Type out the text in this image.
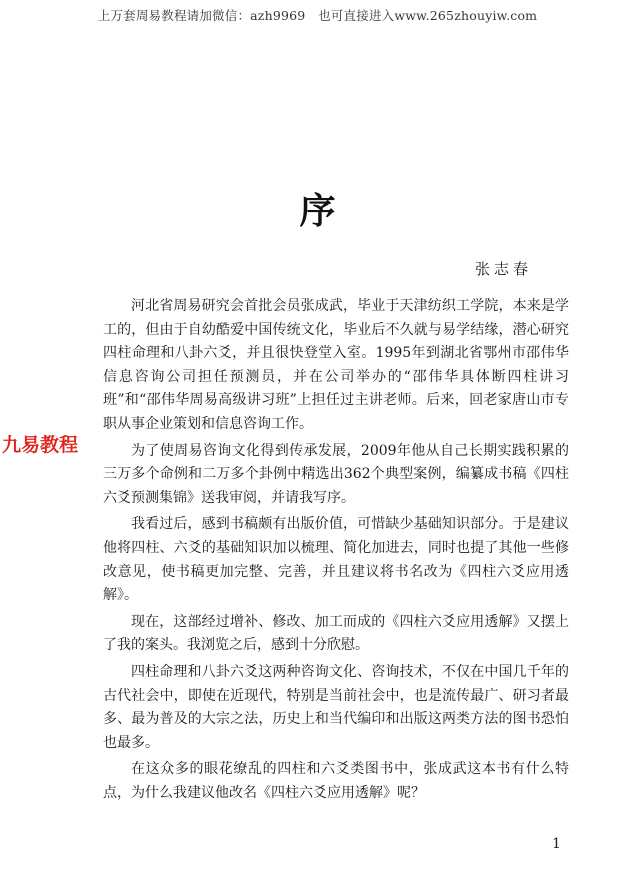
上万套周易教程请加微信：azh9969　也可直接进入www.265zhouyiw.com
序
张志春
九易教程

河北省周易研究会首批会员张成武，毕业于天津纺织工学院，本来是学工的，但由于自幼酷爱中国传统文化，毕业后不久就与易学结缘，潜心研究四柱命理和八卦六爻，并且很快登堂入室。1995年到湖北省鄂州市邵伟华信息咨询公司担任预测员，并在公司举办的“邵伟华具体断四柱讲习班”和“邵伟华周易高级讲习班”上担任过主讲老师。后来，回老家唐山市专职从事企业策划和信息咨询工作。

为了使周易咨询文化得到传承发展，2009年他从自己长期实践积累的三万多个命例和二万多个卦例中精选出362个典型案例，编纂成书稿《四柱六爻预测集锦》送我审阅，并请我写序。

我看过后，感到书稿颇有出版价值，可惜缺少基础知识部分。于是建议他将四柱、六爻的基础知识加以梳理、简化加进去，同时也提了其他一些修改意见，使书稿更加完整、完善，并且建议将书名改为《四柱六爻应用透解》。

现在，这部经过增补、修改、加工而成的《四柱六爻应用透解》又摆上了我的案头。我浏览之后，感到十分欣慰。

四柱命理和八卦六爻这两种咨询文化、咨询技术，不仅在中国几千年的古代社会中，即使在近现代，特别是当前社会中，也是流传最广、研习者最多、最为普及的大宗之法，历史上和当代编印和出版这两类方法的图书恐怕也最多。

在这众多的眼花缭乱的四柱和六爻类图书中，张成武这本书有什么特点，为什么我建议他改名《四柱六爻应用透解》呢？

1
